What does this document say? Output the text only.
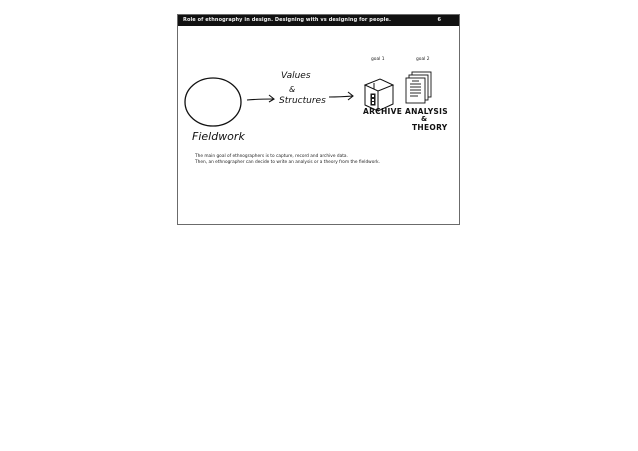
Role of ethnography in design. Designing with vs designing for people.	6
goal 1	goal 2
Fieldwork
Values
&
Structures
ARCHIVE ANALYSIS
&
THEORY
The main goal of ethnographers is to capture, record and archive data.
Then, an ethnographer can decide to write an analysis or a theory from the fieldwork.
